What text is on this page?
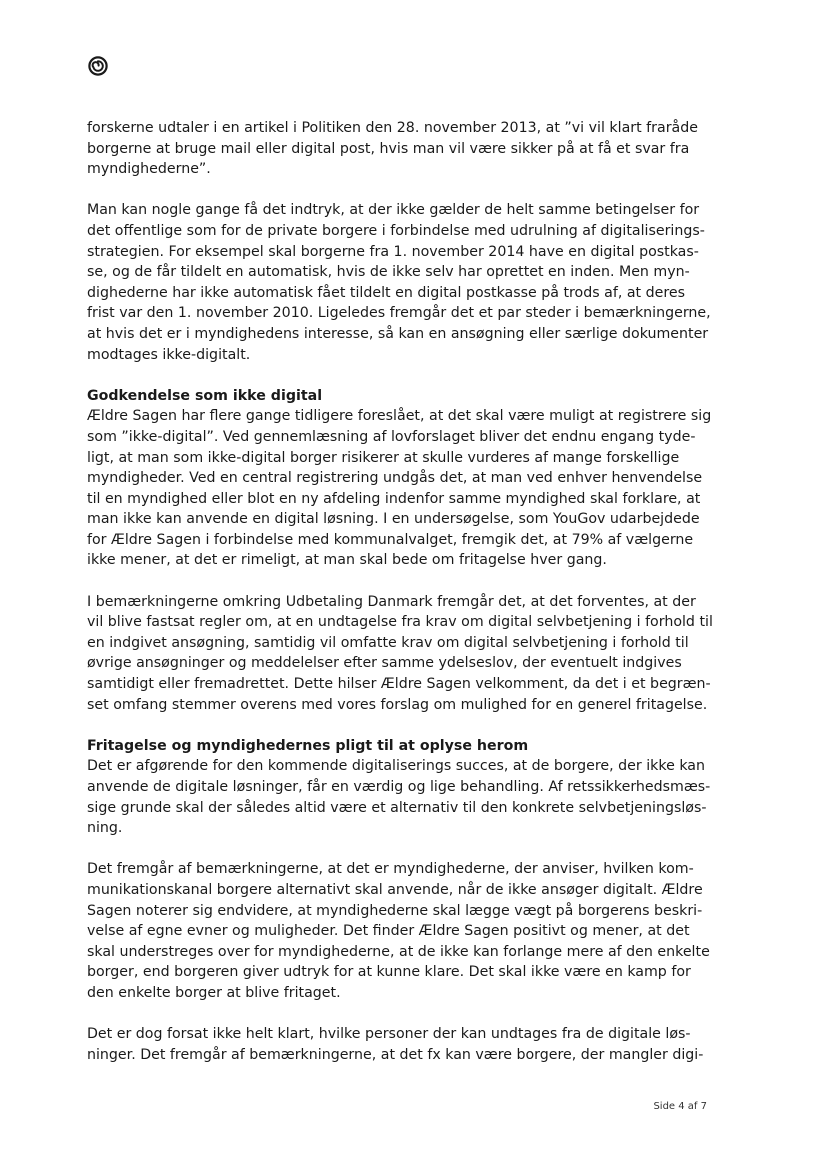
forskerne udtaler i en artikel i Politiken den 28. november 2013, at ”vi vil klart fraråde
borgerne at bruge mail eller digital post, hvis man vil være sikker på at få et svar fra
myndighederne”.

Man kan nogle gange få det indtryk, at der ikke gælder de helt samme betingelser for
det offentlige som for de private borgere i forbindelse med udrulning af digitaliserings-
strategien. For eksempel skal borgerne fra 1. november 2014 have en digital postkas-
se, og de får tildelt en automatisk, hvis de ikke selv har oprettet en inden. Men myn-
dighederne har ikke automatisk fået tildelt en digital postkasse på trods af, at deres
frist var den 1. november 2010. Ligeledes fremgår det et par steder i bemærkningerne,
at hvis det er i myndighedens interesse, så kan en ansøgning eller særlige dokumenter
modtages ikke-digitalt.

Godkendelse som ikke digital
Ældre Sagen har flere gange tidligere foreslået, at det skal være muligt at registrere sig
som ”ikke-digital”. Ved gennemlæsning af lovforslaget bliver det endnu engang tyde-
ligt, at man som ikke-digital borger risikerer at skulle vurderes af mange forskellige
myndigheder. Ved en central registrering undgås det, at man ved enhver henvendelse
til en myndighed eller blot en ny afdeling indenfor samme myndighed skal forklare, at
man ikke kan anvende en digital løsning. I en undersøgelse, som YouGov udarbejdede
for Ældre Sagen i forbindelse med kommunalvalget, fremgik det, at 79% af vælgerne
ikke mener, at det er rimeligt, at man skal bede om fritagelse hver gang.

I bemærkningerne omkring Udbetaling Danmark fremgår det, at det forventes, at der
vil blive fastsat regler om, at en undtagelse fra krav om digital selvbetjening i forhold til
en indgivet ansøgning, samtidig vil omfatte krav om digital selvbetjening i forhold til
øvrige ansøgninger og meddelelser efter samme ydelseslov, der eventuelt indgives
samtidigt eller fremadrettet. Dette hilser Ældre Sagen velkomment, da det i et begræn-
set omfang stemmer overens med vores forslag om mulighed for en generel fritagelse.

Fritagelse og myndighedernes pligt til at oplyse herom
Det er afgørende for den kommende digitaliserings succes, at de borgere, der ikke kan
anvende de digitale løsninger, får en værdig og lige behandling. Af retssikkerhedsmæs-
sige grunde skal der således altid være et alternativ til den konkrete selvbetjeningsløs-
ning.

Det fremgår af bemærkningerne, at det er myndighederne, der anviser, hvilken kom-
munikationskanal borgere alternativt skal anvende, når de ikke ansøger digitalt. Ældre
Sagen noterer sig endvidere, at myndighederne skal lægge vægt på borgerens beskri-
velse af egne evner og muligheder. Det finder Ældre Sagen positivt og mener, at det
skal understreges over for myndighederne, at de ikke kan forlange mere af den enkelte
borger, end borgeren giver udtryk for at kunne klare. Det skal ikke være en kamp for
den enkelte borger at blive fritaget.

Det er dog forsat ikke helt klart, hvilke personer der kan undtages fra de digitale løs-
ninger. Det fremgår af bemærkningerne, at det fx kan være borgere, der mangler digi-

Side 4 af 7
